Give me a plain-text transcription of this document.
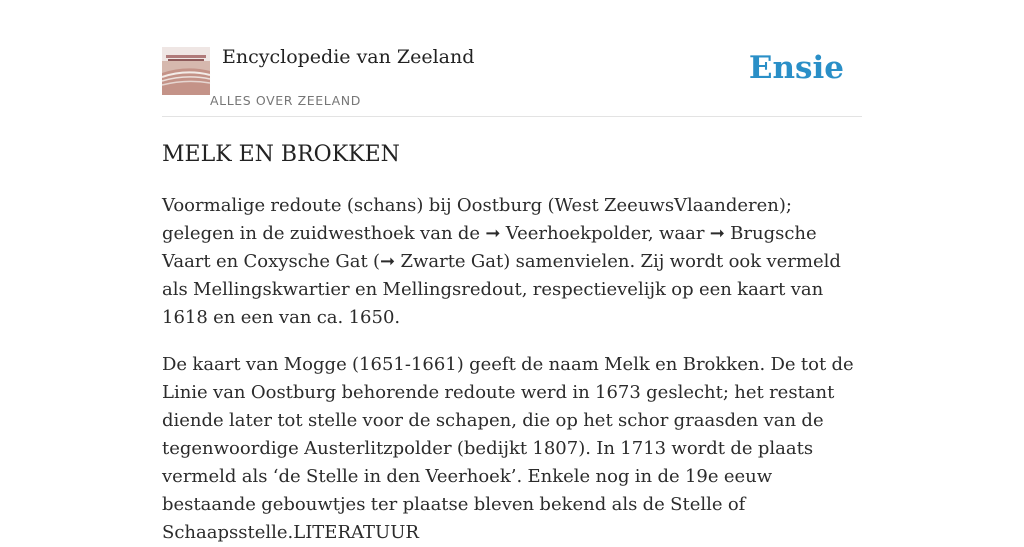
Encyclopedie van Zeeland
ALLES OVER ZEELAND
Ensie
MELK EN BROKKEN

Voormalige redoute (schans) bij Oostburg (West ZeeuwsVlaanderen); gelegen in de zuidwesthoek van de ➞ Veerhoekpolder, waar ➞ Brugsche Vaart en Coxysche Gat (➞ Zwarte Gat) samenvielen. Zij wordt ook vermeld als Mellingskwartier en Mellingsredout, respectievelijk op een kaart van 1618 en een van ca. 1650.

De kaart van Mogge (1651-1661) geeft de naam Melk en Brokken. De tot de Linie van Oostburg behorende redoute werd in 1673 geslecht; het restant diende later tot stelle voor de schapen, die op het schor graasden van de tegenwoordige Austerlitzpolder (bedijkt 1807). In 1713 wordt de plaats vermeld als ‘de Stelle in den Veerhoek’. Enkele nog in de 19e eeuw bestaande gebouwtjes ter plaatse bleven bekend als de Stelle of Schaapsstelle.LITERATUUR
